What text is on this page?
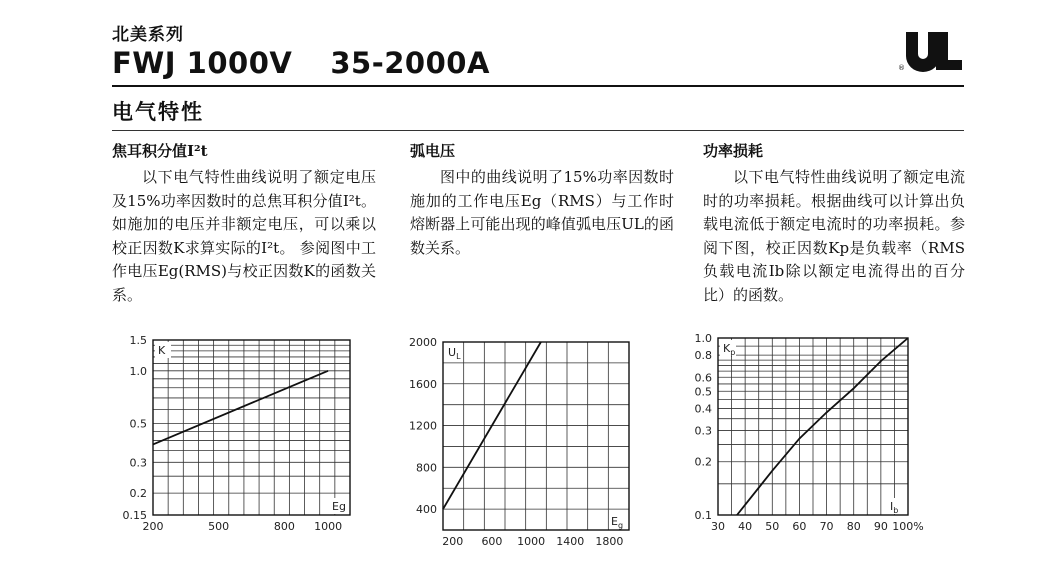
北美系列
FWJ 1000V 35-2000A	®
电气特性
焦耳积分值I²t	弧电压	功率损耗
以下电气特性曲线说明了额定电压及15%功率因数时的总焦耳积分值I²t。如施加的电压并非额定电压，可以乘以校正因数K求算实际的I²t。 参阅图中工作电压Eg(RMS)与校正因数K的函数关系。
图中的曲线说明了15%功率因数时施加的工作电压Eg（RMS）与工作时熔断器上可能出现的峰值弧电压UL的函数关系。
以下电气特性曲线说明了额定电流时的功率损耗。根据曲线可以计算出负载电流低于额定电流时的功率损耗。参阅下图，校正因数Kp是负载率（RMS负载电流Ib除以额定电流得出的百分比）的函数。
0.15
0.2
0.3
0.5
1.0
1.5
200	500	800 1000
K
Eg	400
800
1200
1600
2000
200 600 1000 1400 1800
$U_L$
$E_g$
0.1
0.2
0.3
0.4
0.5
0.6
0.8
1.0
30 40 50 60 70 80 90 100%
$K_p$
$I_b$
